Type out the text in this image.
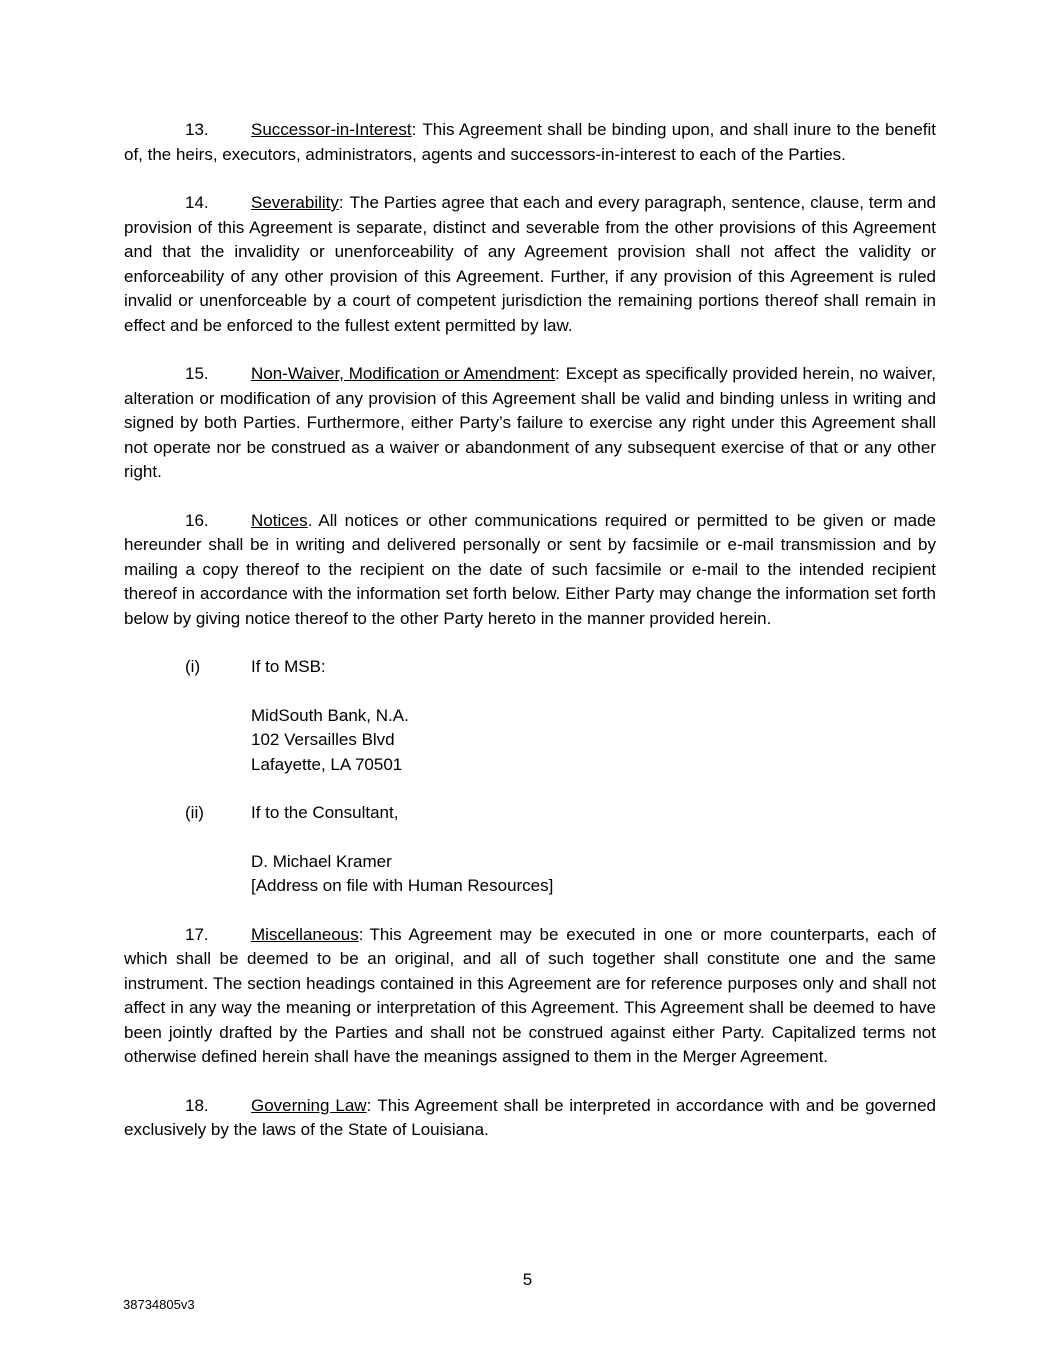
13. Successor-in-Interest: This Agreement shall be binding upon, and shall inure to the benefit of, the heirs, executors, administrators, agents and successors-in-interest to each of the Parties.

14. Severability: The Parties agree that each and every paragraph, sentence, clause, term and provision of this Agreement is separate, distinct and severable from the other provisions of this Agreement and that the invalidity or unenforceability of any Agreement provision shall not affect the validity or enforceability of any other provision of this Agreement. Further, if any provision of this Agreement is ruled invalid or unenforceable by a court of competent jurisdiction the remaining portions thereof shall remain in effect and be enforced to the fullest extent permitted by law.

15. Non-Waiver, Modification or Amendment: Except as specifically provided herein, no waiver, alteration or modification of any provision of this Agreement shall be valid and binding unless in writing and signed by both Parties. Furthermore, either Party’s failure to exercise any right under this Agreement shall not operate nor be construed as a waiver or abandonment of any subsequent exercise of that or any other right.

16. Notices. All notices or other communications required or permitted to be given or made hereunder shall be in writing and delivered personally or sent by facsimile or e-mail transmission and by mailing a copy thereof to the recipient on the date of such facsimile or e-mail to the intended recipient thereof in accordance with the information set forth below. Either Party may change the information set forth below by giving notice thereof to the other Party hereto in the manner provided herein.

(i)	If to MSB:

MidSouth Bank, N.A.
102 Versailles Blvd
Lafayette, LA 70501

(ii)	If to the Consultant,

D. Michael Kramer
[Address on file with Human Resources]

17. Miscellaneous: This Agreement may be executed in one or more counterparts, each of which shall be deemed to be an original, and all of such together shall constitute one and the same instrument. The section headings contained in this Agreement are for reference purposes only and shall not affect in any way the meaning or interpretation of this Agreement. This Agreement shall be deemed to have been jointly drafted by the Parties and shall not be construed against either Party. Capitalized terms not otherwise defined herein shall have the meanings assigned to them in the Merger Agreement.

18. Governing Law: This Agreement shall be interpreted in accordance with and be governed exclusively by the laws of the State of Louisiana.

5
38734805v3
